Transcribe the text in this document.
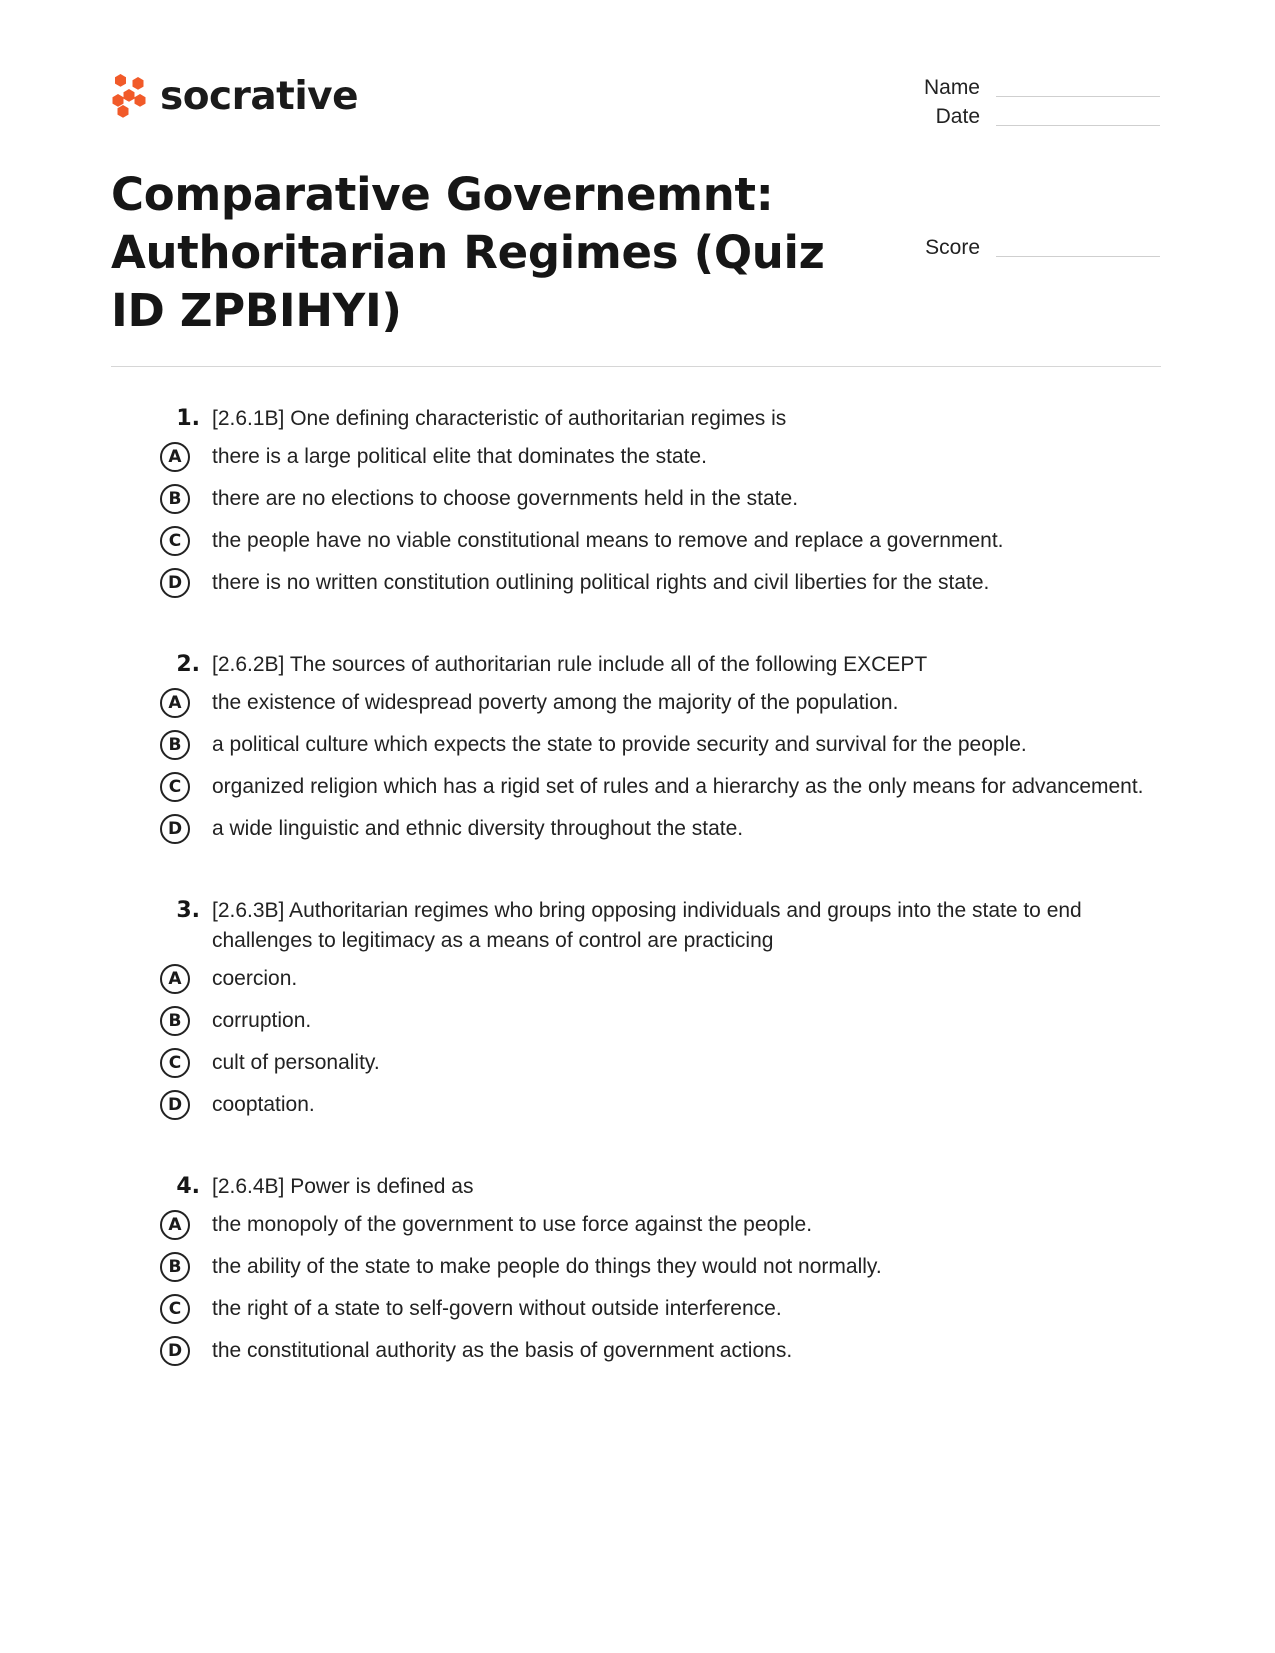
socrative	Name
Date
Score
Comparative Governemnt: Authoritarian Regimes (Quiz ID ZPBIHYI)
1. [2.6.1B] One defining characteristic of authoritarian regimes is
A	there is a large political elite that dominates the state.
B	there are no elections to choose governments held in the state.
C	the people have no viable constitutional means to remove and replace a government.
D	there is no written constitution outlining political rights and civil liberties for the state.
2. [2.6.2B] The sources of authoritarian rule include all of the following EXCEPT
A	the existence of widespread poverty among the majority of the population.
B	a political culture which expects the state to provide security and survival for the people.
C	organized religion which has a rigid set of rules and a hierarchy as the only means for advancement.
D	a wide linguistic and ethnic diversity throughout the state.
3. [2.6.3B] Authoritarian regimes who bring opposing individuals and groups into the state to end challenges to legitimacy as a means of control are practicing
A	coercion.
B	corruption.
C	cult of personality.
D	cooptation.
4. [2.6.4B] Power is defined as
A	the monopoly of the government to use force against the people.
B	the ability of the state to make people do things they would not normally.
C	the right of a state to self-govern without outside interference.
D	the constitutional authority as the basis of government actions.
